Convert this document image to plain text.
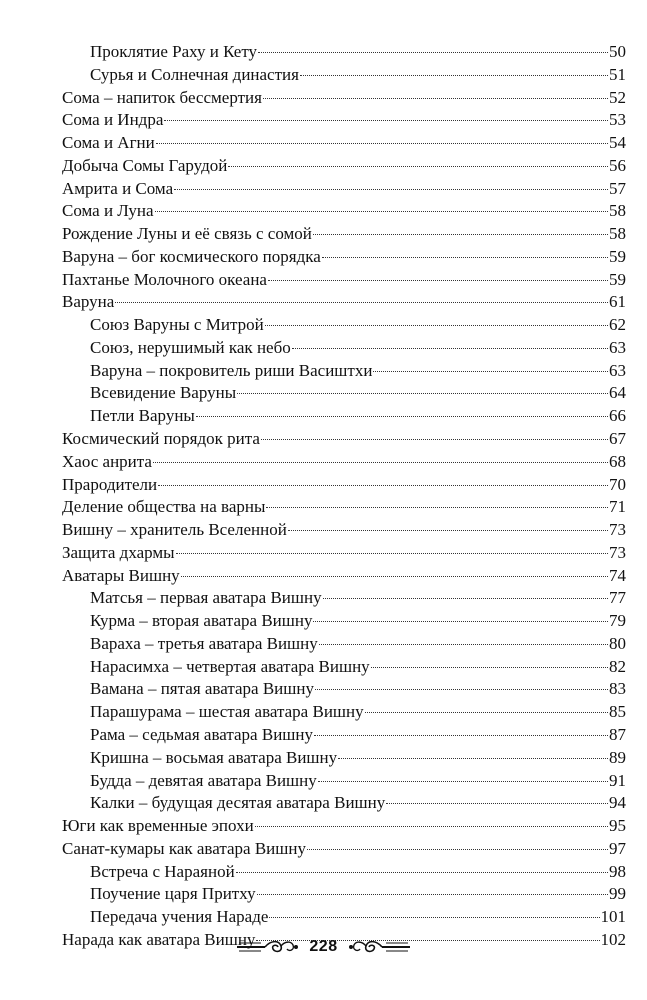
Проклятие Раху и Кету	50
Сурья и Солнечная династия	51
Сома – напиток бессмертия	52
Сома и Индра	53
Сома и Агни	54
Добыча Сомы Гарудой	56
Амрита и Сома	57
Сома и Луна	58
Рождение Луны и её связь с сомой	58
Варуна – бог космического порядка	59
Пахтанье Молочного океана	59
Варуна	61
Союз Варуны с Митрой	62
Союз, нерушимый как небо	63
Варуна – покровитель риши Васиштхи	63
Всевидение Варуны	64
Петли Варуны	66
Космический порядок рита	67
Хаос анрита	68
Прародители	70
Деление общества на варны	71
Вишну – хранитель Вселенной	73
Защита дхармы	73
Аватары Вишну	74
Матсья – первая аватара Вишну	77
Курма – вторая аватара Вишну	79
Вараха – третья аватара Вишну	80
Нарасимха – четвертая аватара Вишну	82
Вамана – пятая аватара Вишну	83
Парашурама – шестая аватара Вишну	85
Рама – седьмая аватара Вишну	87
Кришна – восьмая аватара Вишну	89
Будда – девятая аватара Вишну	91
Калки – будущая десятая аватара Вишну	94
Юги как временные эпохи	95
Санат-кумары как аватара Вишну	97
Встреча с Нараяной	98
Поучение царя Притху	99
Передача учения Нараде	101
Нарада как аватара Вишну	102
228
